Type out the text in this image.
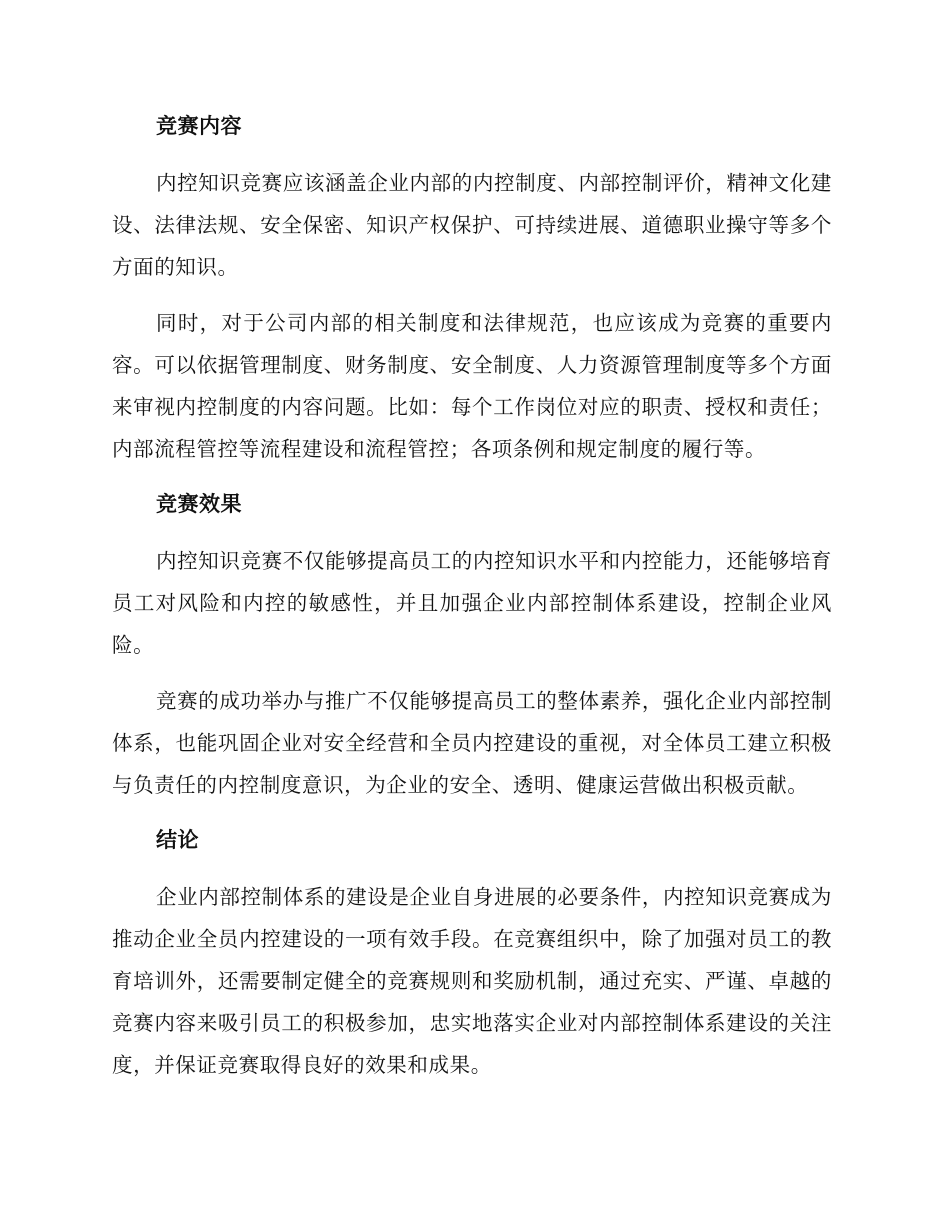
竞赛内容

内控知识竞赛应该涵盖企业内部的内控制度、内部控制评价，精神文化建设、法律法规、安全保密、知识产权保护、可持续进展、道德职业操守等多个方面的知识。

同时，对于公司内部的相关制度和法律规范，也应该成为竞赛的重要内容。可以依据管理制度、财务制度、安全制度、人力资源管理制度等多个方面来审视内控制度的内容问题。比如：每个工作岗位对应的职责、授权和责任；内部流程管控等流程建设和流程管控；各项条例和规定制度的履行等。

竞赛效果

内控知识竞赛不仅能够提高员工的内控知识水平和内控能力，还能够培育员工对风险和内控的敏感性，并且加强企业内部控制体系建设，控制企业风险。

竞赛的成功举办与推广不仅能够提高员工的整体素养，强化企业内部控制体系，也能巩固企业对安全经营和全员内控建设的重视，对全体员工建立积极与负责任的内控制度意识，为企业的安全、透明、健康运营做出积极贡献。

结论

企业内部控制体系的建设是企业自身进展的必要条件，内控知识竞赛成为推动企业全员内控建设的一项有效手段。在竞赛组织中，除了加强对员工的教育培训外，还需要制定健全的竞赛规则和奖励机制，通过充实、严谨、卓越的竞赛内容来吸引员工的积极参加，忠实地落实企业对内部控制体系建设的关注度，并保证竞赛取得良好的效果和成果。
